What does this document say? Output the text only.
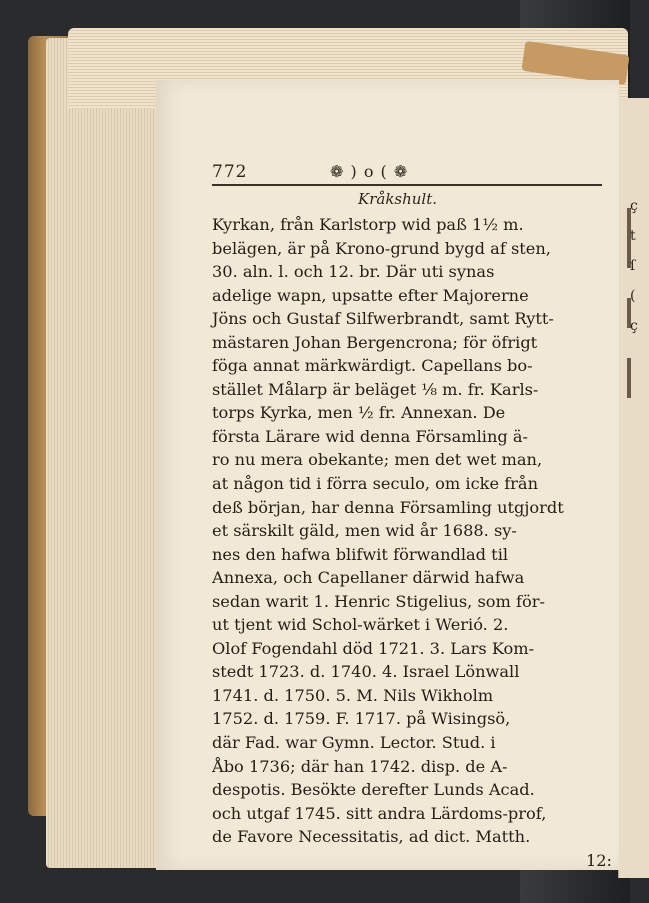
772	❁ ) o ( ❁
Kråkshult.
Kyrkan, från Karlstorp wid paß 1½ m.
belägen, är på Krono-grund bygd af sten,
30. aln. l. och 12. br. Där uti synas
adelige wapn, upsatte efter Majorerne
Jöns och Gustaf Silfwerbrandt, samt Rytt-
mästaren Johan Bergencrona; för öfrigt
föga annat märkwärdigt. Capellans bo-
stället Målarp är beläget ⅛ m. fr. Karls-
torps Kyrka, men ½ fr. Annexan. De
första Lärare wid denna Församling ä-
ro nu mera obekante; men det wet man,
at någon tid i förra seculo, om icke från
deß början, har denna Församling utgjordt
et särskilt gäld, men wid år 1688. sy-
nes den hafwa blifwit förwandlad til
Annexa, och Capellaner därwid hafwa
sedan warit 1. Henric Stigelius, som för-
ut tjent wid Schol-wärket i Werió. 2.
Olof Fogendahl död 1721. 3. Lars Kom-
stedt 1723. d. 1740. 4. Israel Lönwall
1741. d. 1750. 5. M. Nils Wikholm
1752. d. 1759. F. 1717. på Wisingsö,
där Fad. war Gymn. Lector. Stud. i
Åbo 1736; där han 1742. disp. de A-
despotis. Besökte derefter Lunds Acad.
och utgaf 1745. sitt andra Lärdoms-prof,
de Favore Necessitatis, ad dict. Matth.
12:
ç
t
ſ
(
ç
